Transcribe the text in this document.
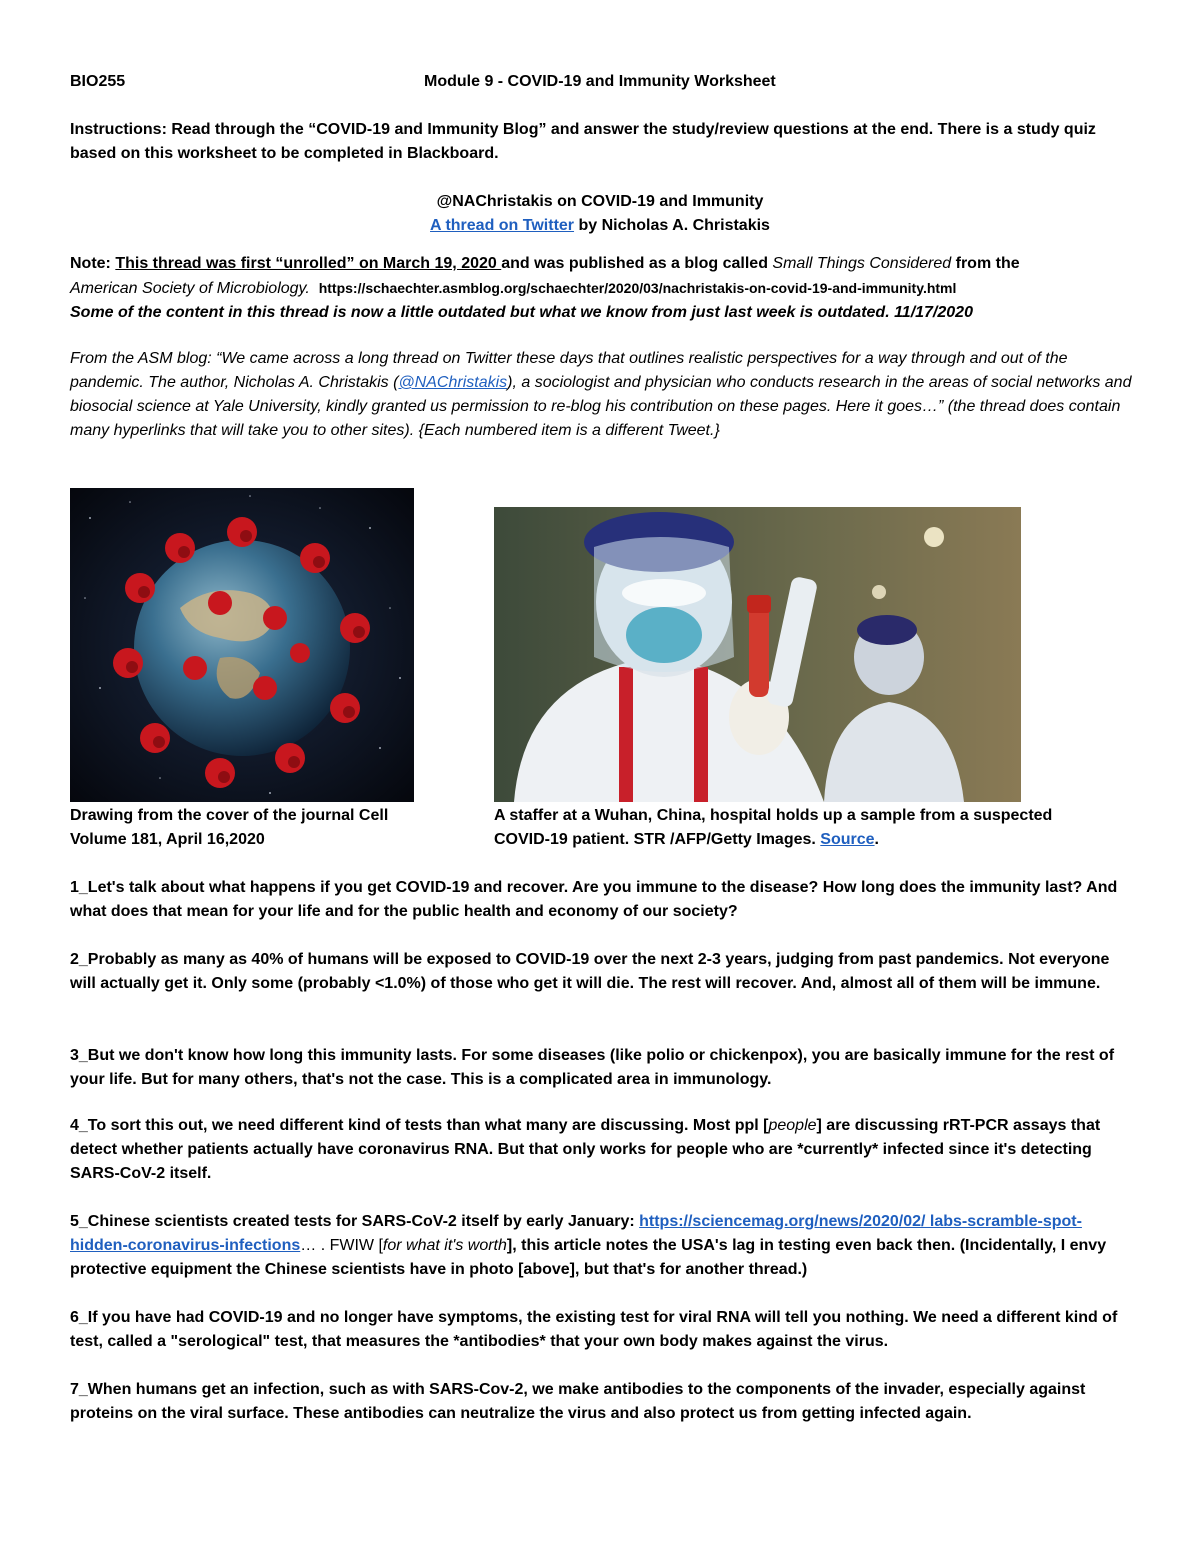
BIO255	Module 9 - COVID-19 and Immunity Worksheet
Instructions: Read through the “COVID-19 and Immunity Blog” and answer the study/review questions at the end. There is a study quiz based on this worksheet to be completed in Blackboard.
@NAChristakis on COVID-19 and Immunity
A thread on Twitter by Nicholas A. Christakis
Note: This thread was first “unrolled” on March 19, 2020 and was published as a blog called Small Things Considered from the
American Society of Microbiology. https://schaechter.asmblog.org/schaechter/2020/03/nachristakis-on-covid-19-and-immunity.html
Some of the content in this thread is now a little outdated but what we know from just last week is outdated. 11/17/2020
From the ASM blog: “We came across a long thread on Twitter these days that outlines realistic perspectives for a way through and out of the pandemic. The author, Nicholas A. Christakis (@NAChristakis), a sociologist and physician who conducts research in the areas of social networks and biosocial science at Yale University, kindly granted us permission to re-blog his contribution on these pages. Here it goes…” (the thread does contain many hyperlinks that will take you to other sites). {Each numbered item is a different Tweet.}
Drawing from the cover of the journal Cell
Volume 181, April 16,2020
A staffer at a Wuhan, China, hospital holds up a sample from a suspected
COVID-19 patient. STR /AFP/Getty Images. Source.
1_Let's talk about what happens if you get COVID-19 and recover. Are you immune to the disease? How long does the immunity last? And what does that mean for your life and for the public health and economy of our society?
2_Probably as many as 40% of humans will be exposed to COVID-19 over the next 2-3 years, judging from past pandemics. Not everyone will actually get it. Only some (probably <1.0%) of those who get it will die. The rest will recover. And, almost all of them will be immune.
3_But we don't know how long this immunity lasts. For some diseases (like polio or chickenpox), you are basically immune for the rest of your life. But for many others, that's not the case. This is a complicated area in immunology.
4_To sort this out, we need different kind of tests than what many are discussing. Most ppl [people] are discussing rRT-PCR assays that detect whether patients actually have coronavirus RNA. But that only works for people who are *currently* infected since it's detecting SARS-CoV-2 itself.
5_Chinese scientists created tests for SARS-CoV-2 itself by early January: https://sciencemag.org/news/2020/02/ labs-scramble-spot-hidden-coronavirus-infections… . FWIW [for what it's worth], this article notes the USA's lag in testing even back then. (Incidentally, I envy protective equipment the Chinese scientists have in photo [above], but that's for another thread.)
6_If you have had COVID-19 and no longer have symptoms, the existing test for viral RNA will tell you nothing. We need a different kind of test, called a "serological" test, that measures the *antibodies* that your own body makes against the virus.
7_When humans get an infection, such as with SARS-Cov-2, we make antibodies to the components of the invader, especially against proteins on the viral surface. These antibodies can neutralize the virus and also protect us from getting infected again.
